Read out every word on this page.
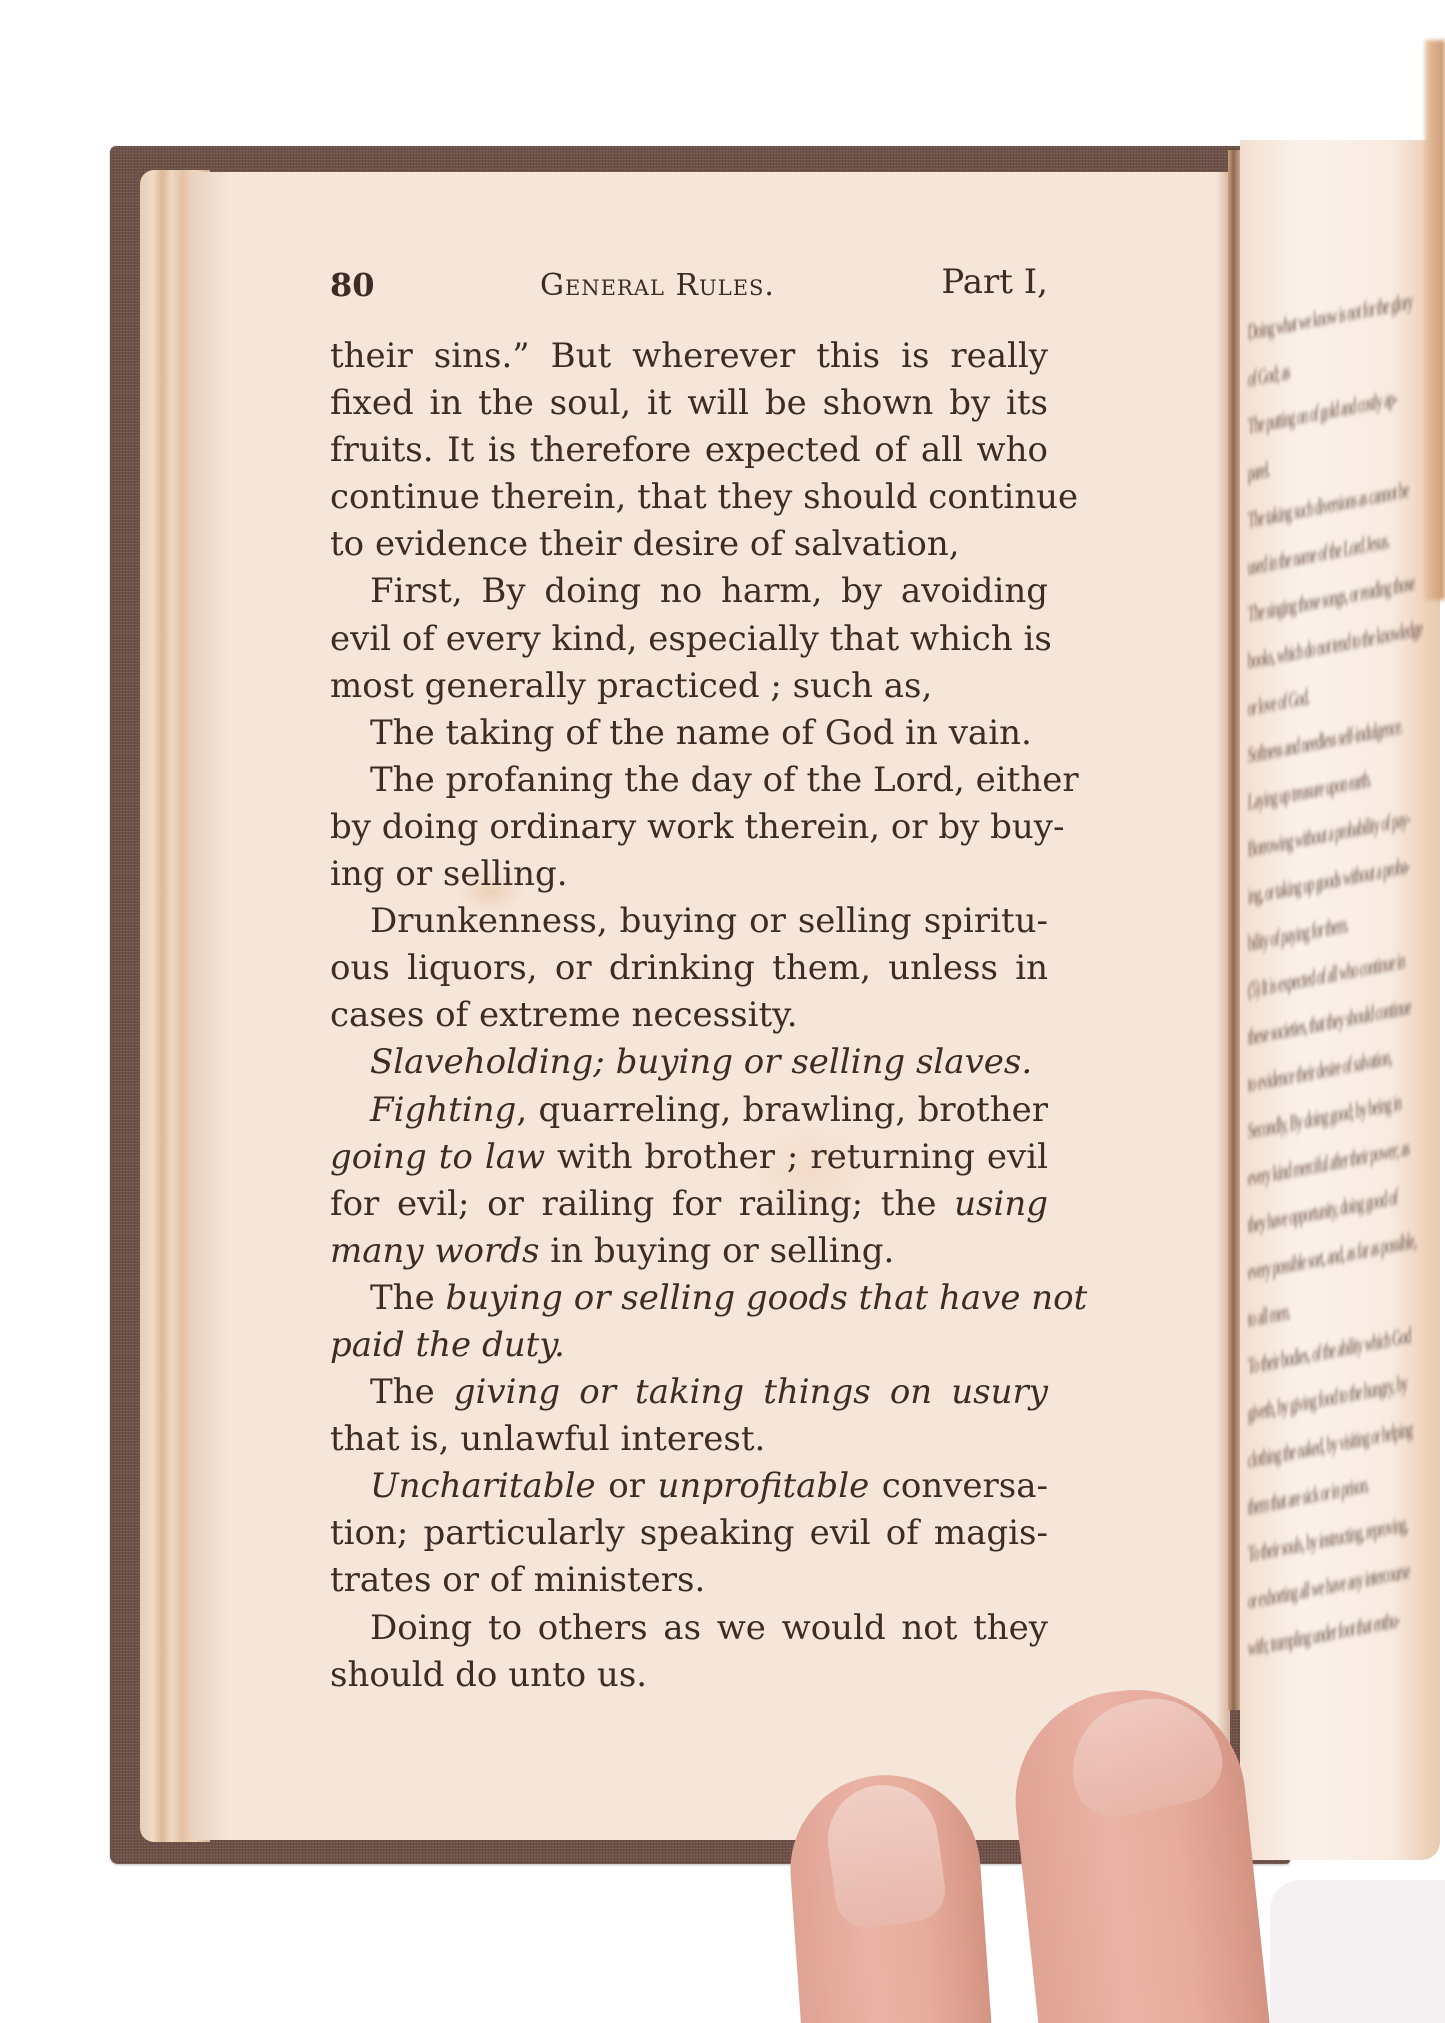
80	General Rules.	Part I,
their sins.” But wherever this is really
fixed in the soul, it will be shown by its
fruits. It is therefore expected of all who
continue therein, that they should continue
to evidence their desire of salvation,
First, By doing no harm, by avoiding
evil of every kind, especially that which is
most generally practiced ; such as,
The taking of the name of God in vain.
The profaning the day of the Lord, either
by doing ordinary work therein, or by buy-
ing or selling.
Drunkenness, buying or selling spiritu-
ous liquors, or drinking them, unless in
cases of extreme necessity.
Slaveholding; buying or selling slaves.
Fighting, quarreling, brawling, brother
going to law with brother ; returning evil
for evil; or railing for railing; the using
many words in buying or selling.
The buying or selling goods that have not
paid the duty.
The giving or taking things on usury
that is, unlawful interest.
Uncharitable or unprofitable conversa-
tion; particularly speaking evil of magis-
trates or of ministers.
Doing to others as we would not they
should do unto us.
Doing what we know is not for the glory
of God; as
The putting on of gold and costly ap-
parel.
The taking such diversions as cannot be
used in the name of the Lord Jesus.
The singing those songs, or reading those
books, which do not tend to the knowledge
or love of God.
Softness and needless self-indulgence.
Laying up treasure upon earth.
Borrowing without a probability of pay-
ing, or taking up goods without a proba-
bility of paying for them.
(5) It is expected of all who continue in
these societies, that they should continue
to evidence their desire of salvation,
Secondly, By doing good; by being in
every kind merciful after their power; as
they have opportunity, doing good of
every possible sort, and, as far as possible,
to all men.
To their bodies, of the ability which God
giveth, by giving food to the hungry, by
clothing the naked, by visiting or helping
them that are sick or in prison.
To their souls, by instructing, reproving,
or exhorting all we have any intercourse
with; trampling under foot that enthu-
